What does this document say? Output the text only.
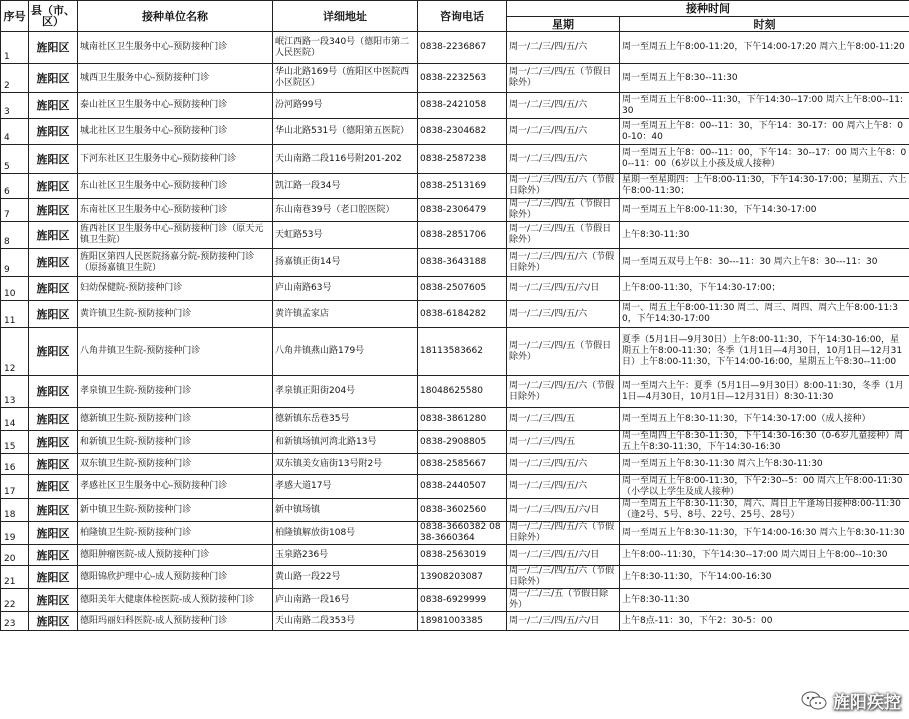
序号	县（市、区）	接种单位名称	详细地址	咨询电话	接种时间	
					星期	时刻
1	旌阳区	城南社区卫生服务中心-预防接种门诊	岷江西路一段340号（德阳市第二人民医院）	0838-2236867	周一/二/三/四/五/六	周一至周五上午8:00-11:20，下午14:00-17:20 周六上午8:00-11:20
2	旌阳区	城西卫生服务中心-预防接种门诊	华山北路169号（旌阳区中医院西小区院区）	0838-2232563	周一/二/三/四/五（节假日除外）	周一至周五上午8:30--11:30
3	旌阳区	泰山社区卫生服务中心-预防接种门诊	汾河路99号	0838-2421058	周一/二/三/四/五/六	周一至周五上午8:00--11:30，下午14:30--17:00 周六上午8:00--11:30
4	旌阳区	城北社区卫生服务中心-预防接种门诊	华山北路531号（德阳第五医院）	0838-2304682	周一/二/三/四/五/六	周一至周五上午8：00--11：30，下午14：30-17：00 周六上午8：00-10：40
5	旌阳区	下河东社区卫生服务中心-预防接种门诊	天山南路二段116号附201-202	0838-2587238	周一/二/三/四/五/六	周一至周五上午8：00--11：00，下午14：30--17：00 周六上午8：00--11：00（6岁以上小孩及成人接种）
6	旌阳区	东山社区卫生服务中心-预防接种门诊	凯江路一段34号	0838-2513169	周一/二/三/四/五/六（节假日除外）	星期一至星期四：上午8:00-11:30，下午14:30-17:00；星期五、六上午8:00-11:30；
7	旌阳区	东南社区卫生服务中心-预防接种门诊	东山南巷39号（老口腔医院）	0838-2306479	周一/二/三/四/五（节假日除外）	周一至周五上午8:00-11:30，下午14:30-17:00
8	旌阳区	旌西社区卫生服务中心-预防接种门诊（原天元镇卫生院）	天虹路53号	0838-2851706	周一/二/三/四/五（节假日除外）	上午8:30-11:30
9	旌阳区	旌阳区第四人民医院扬嘉分院-预防接种门诊（原扬嘉镇卫生院）	扬嘉镇正街14号	0838-3643188	周一/二/三/四/五/六（节假日除外）	周一至周五双号上午8：30---11：30 周六上午8：30---11：30
10	旌阳区	妇幼保健院-预防接种门诊	庐山南路63号	0838-2507605	周一/二/三/四/五/六/日	上午8:00-11:30，下午14:30-17:00；
11	旌阳区	黄许镇卫生院-预防接种门诊	黄许镇孟家店	0838-6184282	周一/二/三/四/五/六	周一、周五上午8:00-11:30 周二、周三、周四、周六上午8:00-11:30，下午14:30-17:00
12	旌阳区	八角井镇卫生院-预防接种门诊	八角井镇燕山路179号	18113583662	周一/二/三/四/五（节假日除外）	夏季（5月1日—9月30日）上午8:00-11:30，下午14:30-16:00，星期五上午8:00-11:30；冬季（1月1日—4月30日，10月1日—12月31日）上午8:00-11:30，下午14:00-16:00，星期五上午8:30--11:00
13	旌阳区	孝泉镇卫生院-预防接种门诊	孝泉镇正阳街204号	18048625580	周一/二/三/四/五/六（节假日除外）	周一至周六上午：夏季（5月1日—9月30日）8:00-11:30，冬季（1月1日—4月30日，10月1日—12月31日）8:30-11:30
14	旌阳区	德新镇卫生院-预防接种门诊	德新镇东岳巷35号	0838-3861280	周一/二/三/四/五	周一至周五上午8:30-11:30，下午14:30-17:00（成人接种）
15	旌阳区	和新镇卫生院-预防接种门诊	和新镇场镇河湾北路13号	0838-2908805	周一/二/三/四/五	周一至周四上午8:30-11:30，下午14:30-16:30（0-6岁儿童接种）周五上午8:30-11:30，下午14:30-16:30
16	旌阳区	双东镇卫生院-预防接种门诊	双东镇美女庙街13号附2号	0838-2585667	周一/二/三/四/五/六	周一至周五上午8:30-11:30 周六上午8:30-11:30
17	旌阳区	孝感社区卫生服务中心-预防接种门诊	孝感大道17号	0838-2440507	周一/二/三/四/五/六	周一至周五上午8:00-11:30，下午2:30--5：00 周六上午8:00-11:30（小学以上学生及成人接种）
18	旌阳区	新中镇卫生院-预防接种门诊	新中镇场镇	0838-3602560	周一/二/三/四/五/六/日	周一至周五上午8:30-11:30，周六、周日上午逢场日接种8:00-11:30（逢2号、5号、8号、22号、25号、28号）
19	旌阳区	柏隆镇卫生院-预防接种门诊	柏隆镇解放街108号	0838-3660382 0838-3660364	周一/二/三/四/五/六（节假日除外）	周一至周五上午8:30-11:30，下午14:00-16:30 周六上午8:30-11:30
20	旌阳区	德阳肿瘤医院-成人预防接种门诊	玉泉路236号	0838-2563019	周一/二/三/四/五/六/日	上午8:00--11:30，下午14:30--17:00 周六周日上午8:00--10:30
21	旌阳区	德阳锦欣护理中心-成人预防接种门诊	黄山路一段22号	13908203087	周一/二/三/四/五/六（节假日除外）	上午8:30-11:30，下午14:00-16:30
22	旌阳区	德阳美年大健康体检医院-成人预防接种门诊	庐山南路一段16号	0838-6929999	周一/二/三/五（节假日除外）	上午8:30-11:30
23	旌阳区	德阳玛丽妇科医院-成人预防接种门诊	天山南路二段353号	18981003385	周一/二/三/四/五/六/日	上午8点-11：30，下午2：30-5：00
旌阳疾控
